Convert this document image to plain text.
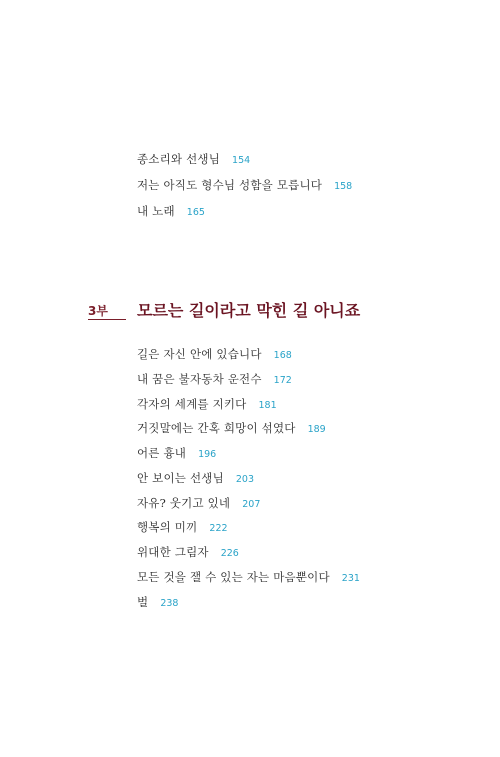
종소리와 선생님 154
저는 아직도 형수님 성함을 모릅니다 158
내 노래 165
3부 모르는 길이라고 막힌 길 아니죠
길은 자신 안에 있습니다 168
내 꿈은 불자동차 운전수 172
각자의 세계를 지키다 181
거짓말에는 간혹 희망이 섞였다 189
어른 흉내 196
안 보이는 선생님 203
자유? 웃기고 있네 207
행복의 미끼 222
위대한 그림자 226
모든 것을 잴 수 있는 자는 마음뿐이다 231
벌 238
